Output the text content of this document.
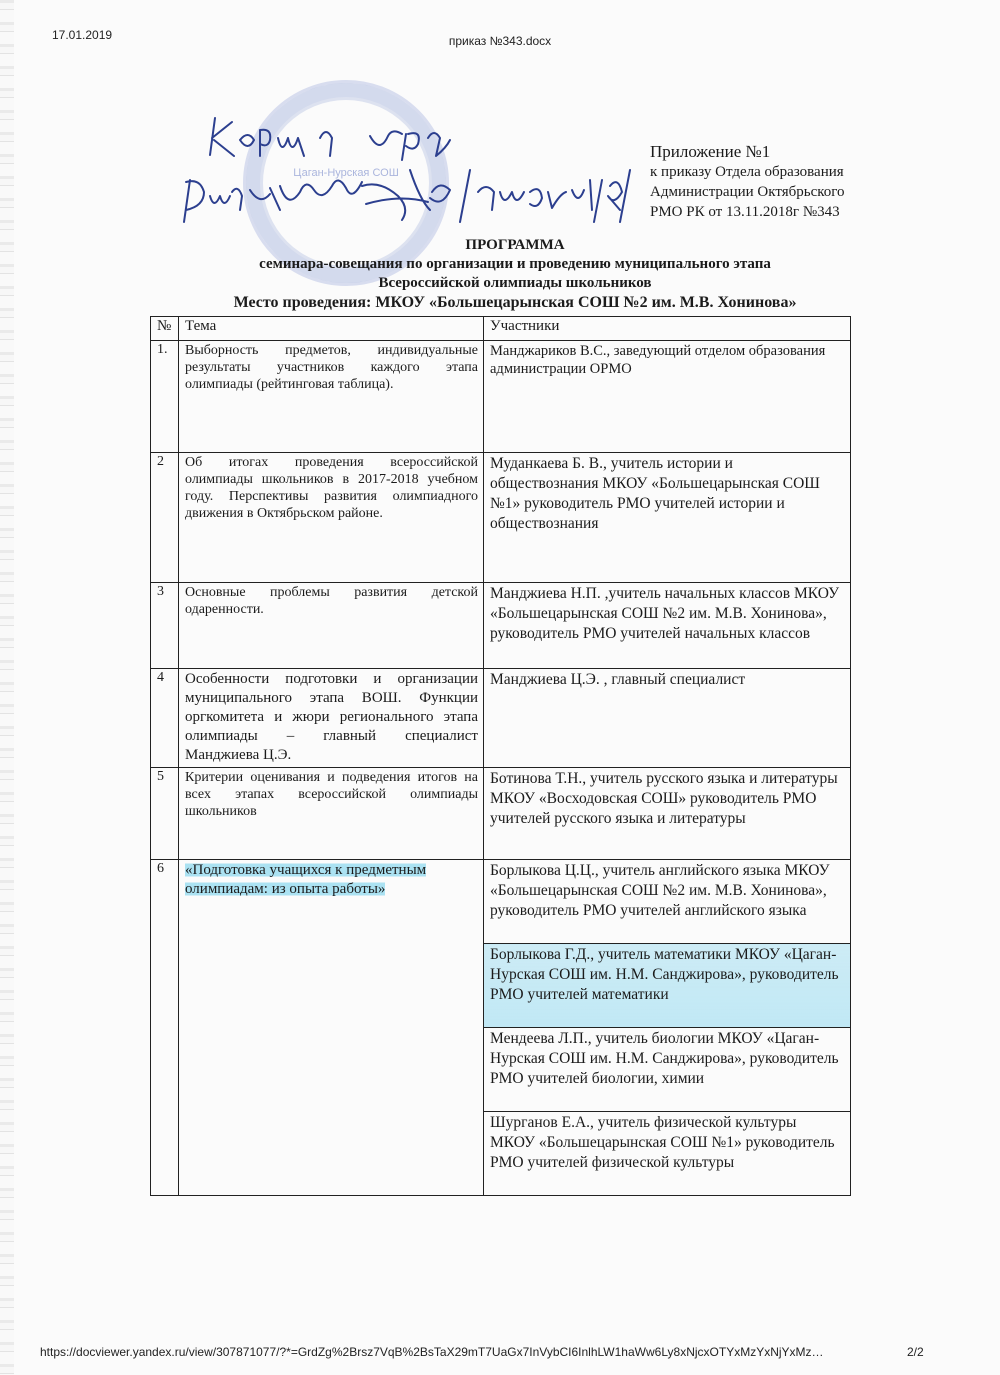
17.01.2019	приказ №343.docx
Цаган-Нурская СОШ
Приложение №1
к приказу Отдела образования
Администрации Октябрьского
РМО РК от 13.11.2018г №343
ПРОГРАММА
семинара-совещания по организации и проведению муниципального этапа
Всероссийской олимпиады школьников
Место проведения: МКОУ «Большецарынская СОШ №2 им. М.В. Хонинова»
№	Тема	Участники
1.	Выборность предметов, индивидуальные результаты участников каждого этапа олимпиады (рейтинговая таблица).	Манджариков В.С., заведующий отделом образования администрации ОРМО
2	Об итогах проведения всероссийской олимпиады школьников в 2017-2018 учебном году. Перспективы развития олимпиадного движения в Октябрьском районе.	Муданкаева Б. В., учитель истории и обществознания МКОУ «Большецарынская СОШ №1» руководитель РМО учителей истории и обществознания
3	Основные проблемы развития детской одаренности.	Манджиева Н.П. ,учитель начальных классов МКОУ «Большецарынская СОШ №2 им. М.В. Хонинова», руководитель РМО учителей начальных классов
4	Особенности подготовки и организации муниципального этапа ВОШ. Функции оргкомитета и жюри регионального этапа олимпиады – главный специалист Манджиева Ц.Э.	Манджиева Ц.Э. , главный специалист
5	Критерии оценивания и подведения итогов на всех этапах всероссийской олимпиады школьников	Ботинова Т.Н., учитель русского языка и литературы МКОУ «Восходовская СОШ» руководитель РМО учителей русского языка и литературы
6	«Подготовка учащихся к предметным олимпиадам: из опыта работы»	Борлыкова Ц.Ц., учитель английского языка МКОУ «Большецарынская СОШ №2 им. М.В. Хонинова», руководитель РМО учителей английского языка
		Борлыкова Г.Д., учитель математики МКОУ «Цаган-Нурская СОШ им. Н.М. Санджирова», руководитель РМО учителей математики
		Мендеева Л.П., учитель биологии МКОУ «Цаган-Нурская СОШ им. Н.М. Санджирова», руководитель РМО учителей биологии, химии
		Шурганов Е.А., учитель физической культуры МКОУ «Большецарынская СОШ №1» руководитель РМО учителей физической культуры
https://docviewer.yandex.ru/view/307871077/?*=GrdZg%2Brsz7VqB%2BsTaX29mT7UaGx7InVybCI6InlhLW1haWw6Ly8xNjcxOTYxMzYxNjYxMz…	2/2
